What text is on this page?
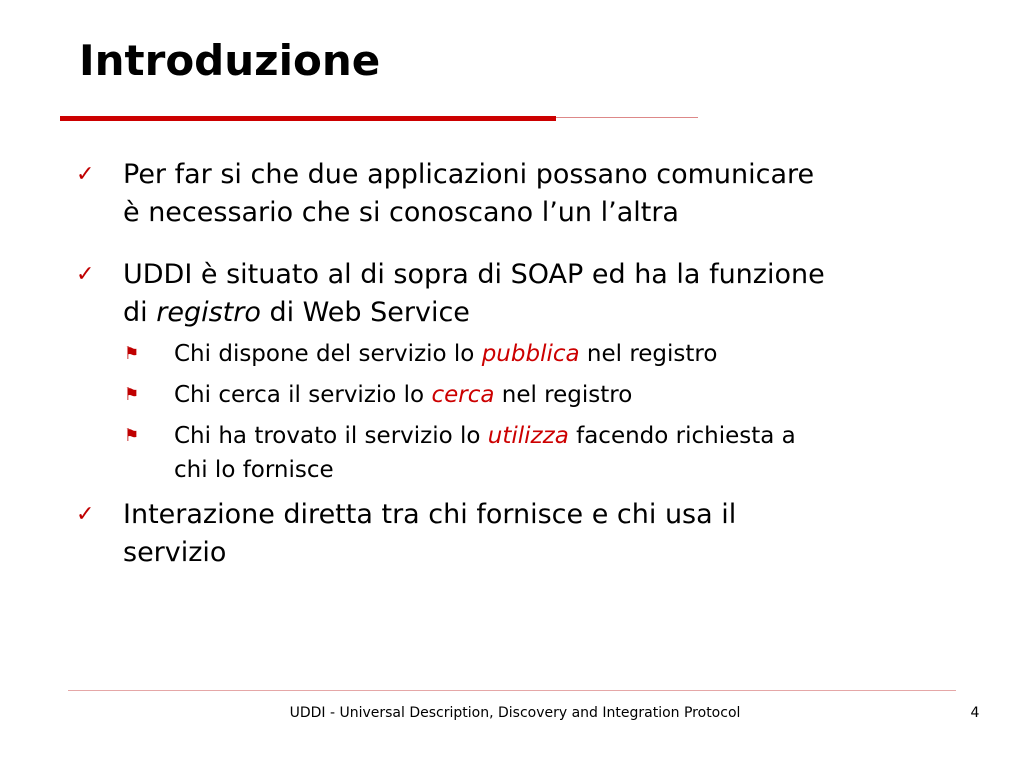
Introduzione
✓ Per far si che due applicazioni possano comunicare
è necessario che si conoscano l’un l’altra
✓ UDDI è situato al di sopra di SOAP ed ha la funzione
di registro di Web Service
⚑ Chi dispone del servizio lo pubblica nel registro
⚑ Chi cerca il servizio lo cerca nel registro
⚑ Chi ha trovato il servizio lo utilizza facendo richiesta a
chi lo fornisce
✓ Interazione diretta tra chi fornisce e chi usa il
servizio
UDDI - Universal Description, Discovery and Integration Protocol	4
